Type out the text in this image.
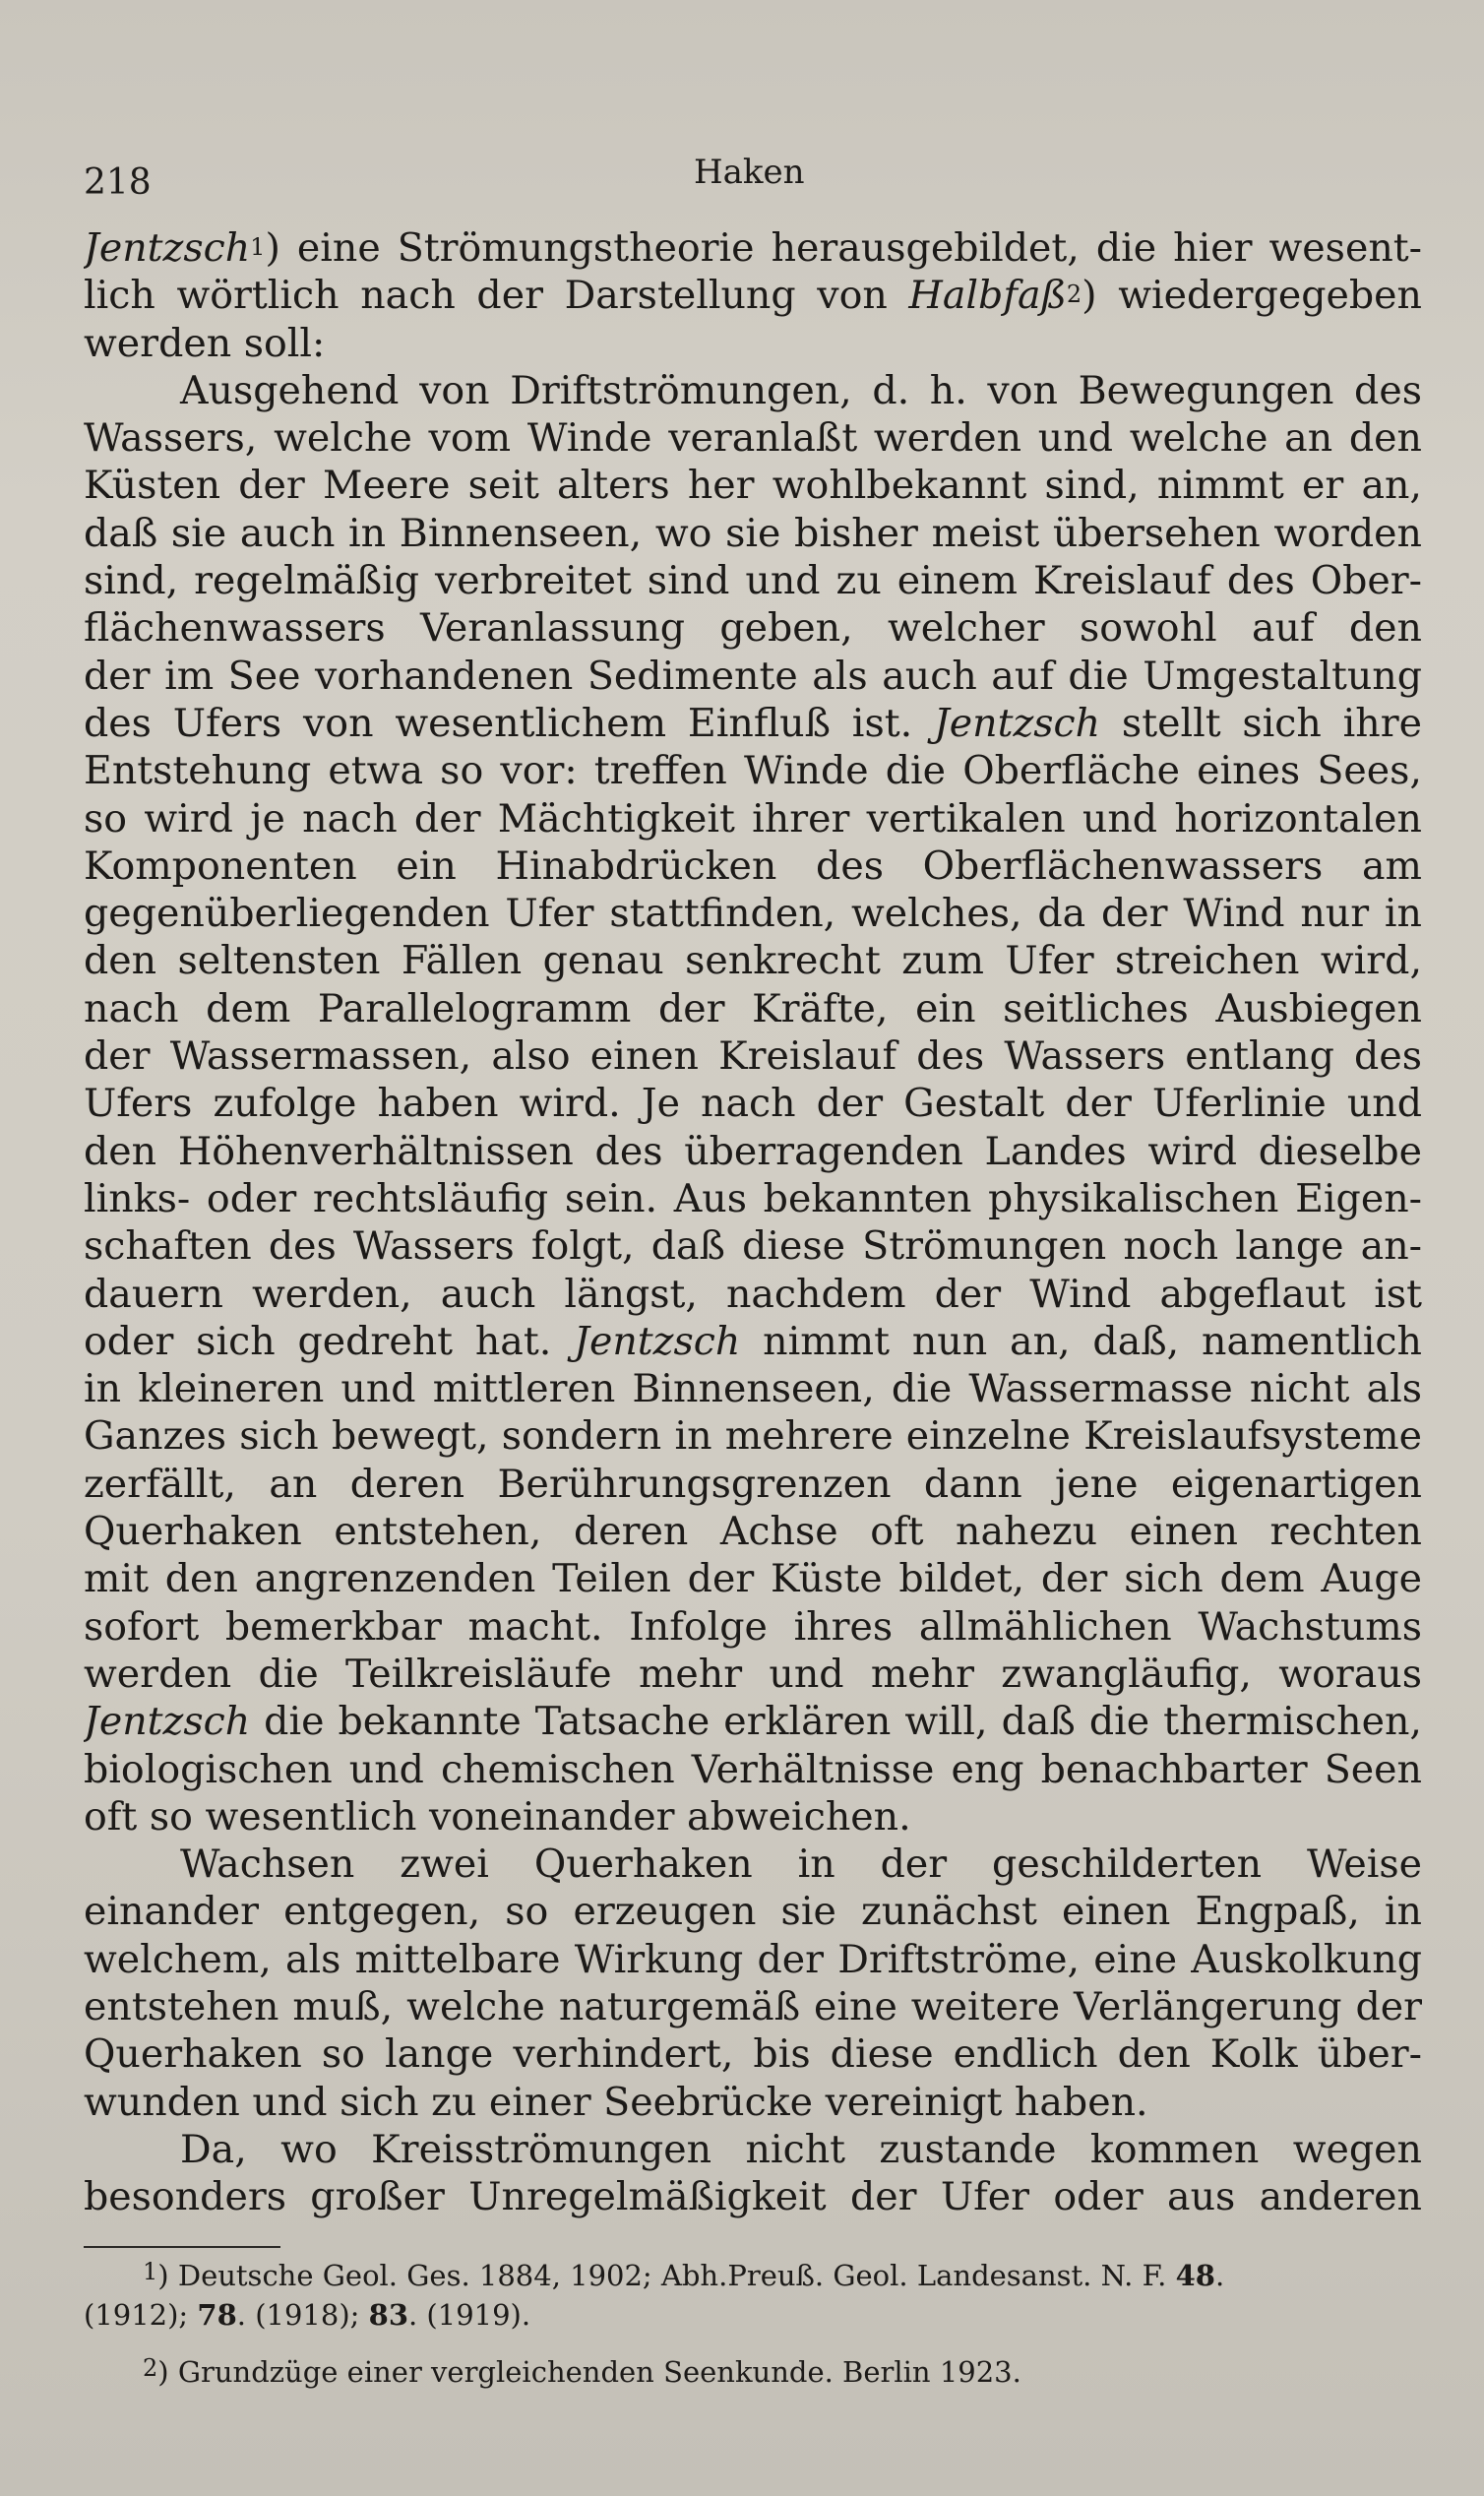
218	Haken
Jentzsch$^1$) eine Strömungstheorie herausgebildet, die hier wesent-
lich wörtlich nach der Darstellung von Halbfaß$^2$) wiedergegeben
werden soll:
Ausgehend von Driftströmungen, d. h. von Bewegungen des
Wassers, welche vom Winde veranlaßt werden und welche an den
Küsten der Meere seit alters her wohlbekannt sind, nimmt er an,
daß sie auch in Binnenseen, wo sie bisher meist übersehen worden
sind, regelmäßig verbreitet sind und zu einem Kreislauf des Ober-
flächenwassers Veranlassung geben, welcher sowohl auf den
der im See vorhandenen Sedimente als auch auf die Umgestaltung
des Ufers von wesentlichem Einfluß ist. Jentzsch stellt sich ihre
Entstehung etwa so vor: treffen Winde die Oberfläche eines Sees,
so wird je nach der Mächtigkeit ihrer vertikalen und horizontalen
Komponenten ein Hinabdrücken des Oberflächenwassers am
gegenüberliegenden Ufer stattfinden, welches, da der Wind nur in
den seltensten Fällen genau senkrecht zum Ufer streichen wird,
nach dem Parallelogramm der Kräfte, ein seitliches Ausbiegen
der Wassermassen, also einen Kreislauf des Wassers entlang des
Ufers zufolge haben wird. Je nach der Gestalt der Uferlinie und
den Höhenverhältnissen des überragenden Landes wird dieselbe
links- oder rechtsläufig sein. Aus bekannten physikalischen Eigen-
schaften des Wassers folgt, daß diese Strömungen noch lange an-
dauern werden, auch längst, nachdem der Wind abgeflaut ist
oder sich gedreht hat. Jentzsch nimmt nun an, daß, namentlich
in kleineren und mittleren Binnenseen, die Wassermasse nicht als
Ganzes sich bewegt, sondern in mehrere einzelne Kreislaufsysteme
zerfällt, an deren Berührungsgrenzen dann jene eigenartigen
Querhaken entstehen, deren Achse oft nahezu einen rechten
mit den angrenzenden Teilen der Küste bildet, der sich dem Auge
sofort bemerkbar macht. Infolge ihres allmählichen Wachstums
werden die Teilkreisläufe mehr und mehr zwangläufig, woraus
Jentzsch die bekannte Tatsache erklären will, daß die thermischen,
biologischen und chemischen Verhältnisse eng benachbarter Seen
oft so wesentlich voneinander abweichen.
Wachsen zwei Querhaken in der geschilderten Weise
einander entgegen, so erzeugen sie zunächst einen Engpaß, in
welchem, als mittelbare Wirkung der Driftströme, eine Auskolkung
entstehen muß, welche naturgemäß eine weitere Verlängerung der
Querhaken so lange verhindert, bis diese endlich den Kolk über-
wunden und sich zu einer Seebrücke vereinigt haben.
Da, wo Kreisströmungen nicht zustande kommen wegen
besonders großer Unregelmäßigkeit der Ufer oder aus anderen
$^1$) Deutsche Geol. Ges. 1884, 1902; Abh.Preuß. Geol. Landesanst. N. F. 48.
(1912); 78. (1918); 83. (1919).
$^2$) Grundzüge einer vergleichenden Seenkunde. Berlin 1923.
